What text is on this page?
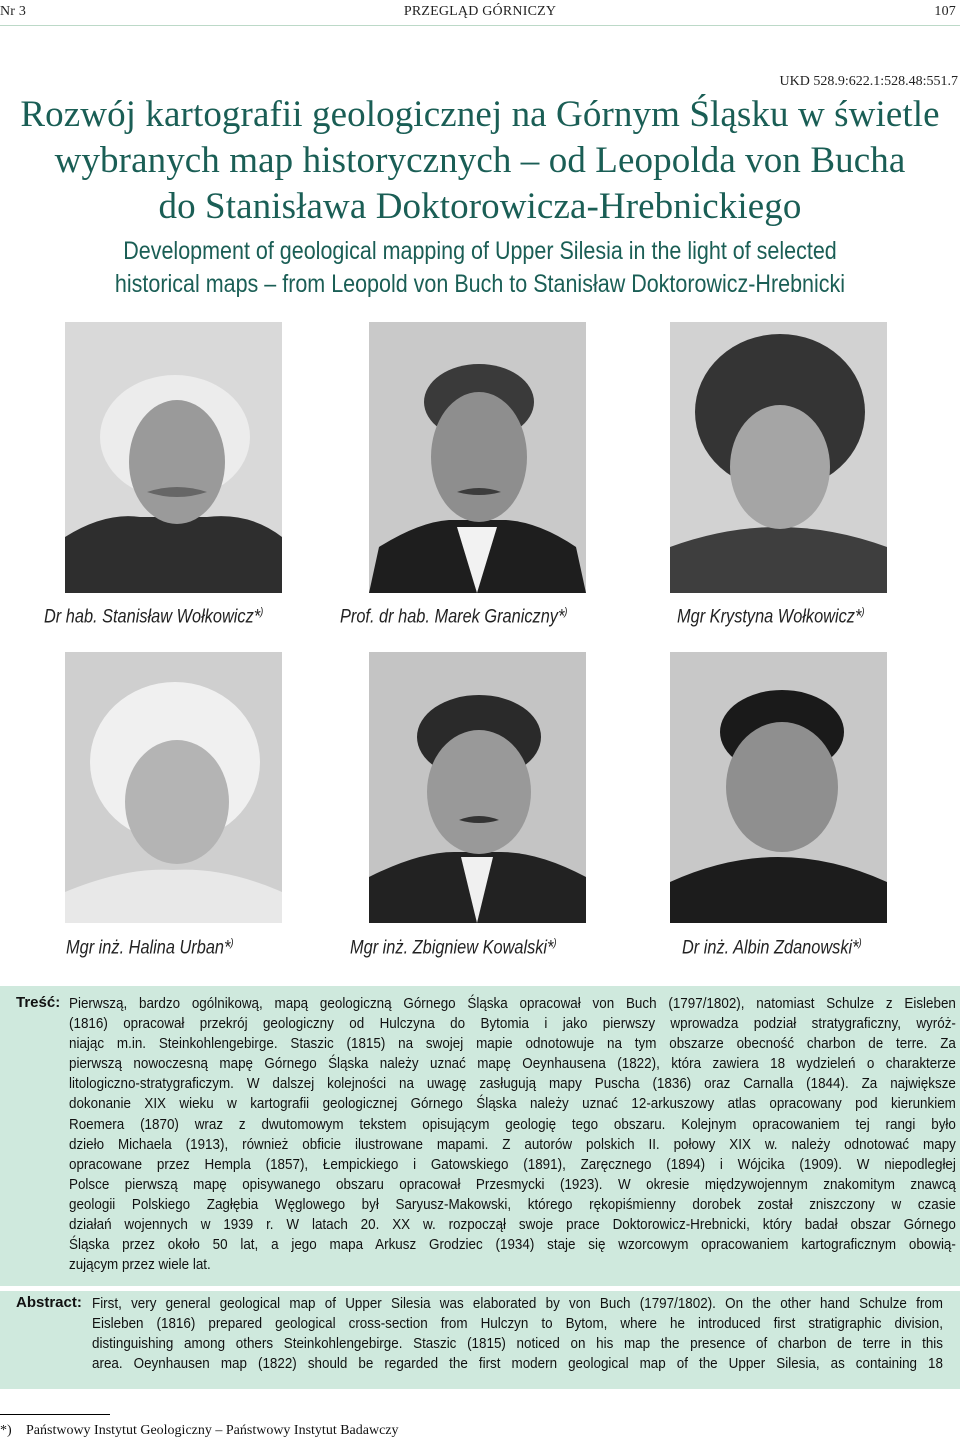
Nr 3	PRZEGLĄD GÓRNICZY	107
UKD 528.9:622.1:528.48:551.7
Rozwój kartografii geologicznej na Górnym Śląsku w świetle
wybranych map historycznych – od Leopolda von Bucha
do Stanisława Doktorowicza-Hrebnickiego
Development of geological mapping of Upper Silesia in the light of selected
historical maps – from Leopold von Buch to Stanisław Doktorowicz-Hrebnicki
Dr hab. Stanisław Wołkowicz*)	Prof. dr hab. Marek Graniczny*)	Mgr Krystyna Wołkowicz*)
Mgr inż. Halina Urban*)	Mgr inż. Zbigniew Kowalski*)	Dr inż. Albin Zdanowski*)
Treść: Pierwszą, bardzo ogólnikową, mapą geologiczną Górnego Śląska opracował von Buch (1797/1802), natomiast Schulze z Eisleben
(1816) opracował przekrój geologiczny od Hulczyna do Bytomia i jako pierwszy wprowadza podział stratygraficzny, wyróż-
niając m.in. Steinkohlengebirge. Staszic (1815) na swojej mapie odnotowuje na tym obszarze obecność charbon de terre. Za
pierwszą nowoczesną mapę Górnego Śląska należy uznać mapę Oeynhausena (1822), która zawiera 18 wydzieleń o charakterze
litologiczno-stratygraficzym. W dalszej kolejności na uwagę zasługują mapy Puscha (1836) oraz Carnalla (1844). Za największe
dokonanie XIX wieku w kartografii geologicznej Górnego Śląska należy uznać 12-arkuszowy atlas opracowany pod kierunkiem
Roemera (1870) wraz z dwutomowym tekstem opisującym geologię tego obszaru. Kolejnym opracowaniem tej rangi było
dzieło Michaela (1913), również obficie ilustrowane mapami. Z autorów polskich II. połowy XIX w. należy odnotować mapy
opracowane przez Hempla (1857), Łempickiego i Gatowskiego (1891), Zaręcznego (1894) i Wójcika (1909). W niepodległej
Polsce pierwszą mapę opisywanego obszaru opracował Przesmycki (1923). W okresie międzywojennym znakomitym znawcą
geologii Polskiego Zagłębia Węglowego był Saryusz-Makowski, którego rękopiśmienny dorobek został zniszczony w czasie
działań wojennych w 1939 r. W latach 20. XX w. rozpoczął swoje prace Doktorowicz-Hrebnicki, który badał obszar Górnego
Śląska przez około 50 lat, a jego mapa Arkusz Grodziec (1934) staje się wzorcowym opracowaniem kartograficznym obowią-
zującym przez wiele lat.
Abstract: First, very general geological map of Upper Silesia was elaborated by von Buch (1797/1802). On the other hand Schulze from
Eisleben (1816) prepared geological cross-section from Hulczyn to Bytom, where he introduced first stratigraphic division,
distinguishing among others Steinkohlengebirge. Staszic (1815) noticed on his map the presence of charbon de terre in this
area. Oeynhausen map (1822) should be regarded the first modern geological map of the Upper Silesia, as containing 18
*) Państwowy Instytut Geologiczny – Państwowy Instytut Badawczy
